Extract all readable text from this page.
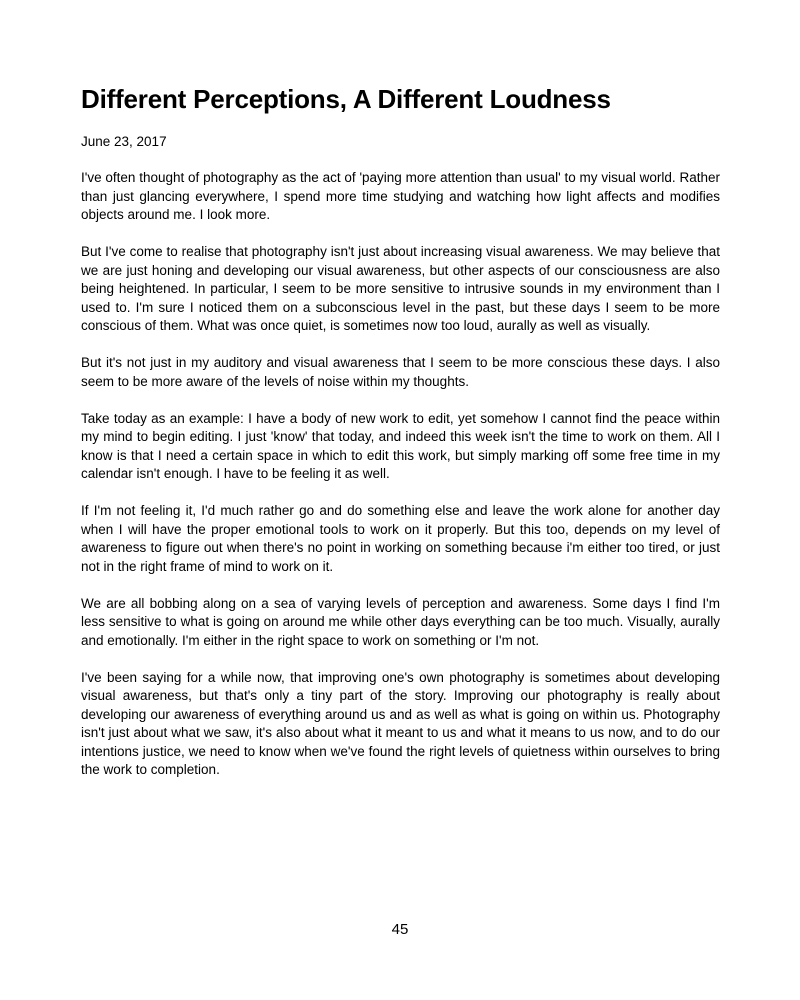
Different Perceptions, A Different Loudness
June 23, 2017

I've often thought of photography as the act of 'paying more attention than usual' to my visual world. Rather than just glancing everywhere, I spend more time studying and watching how light affects and modifies objects around me. I look more.

But I've come to realise that photography isn't just about increasing visual awareness. We may believe that we are just honing and developing our visual awareness, but other aspects of our consciousness are also being heightened. In particular, I seem to be more sensitive to intrusive sounds in my environment than I used to. I'm sure I noticed them on a subconscious level in the past, but these days I seem to be more conscious of them. What was once quiet, is sometimes now too loud, aurally as well as visually.

But it's not just in my auditory and visual awareness that I seem to be more conscious these days. I also seem to be more aware of the levels of noise within my thoughts.

Take today as an example: I have a body of new work to edit, yet somehow I cannot find the peace within my mind to begin editing. I just 'know' that today, and indeed this week isn't the time to work on them. All I know is that I need a certain space in which to edit this work, but simply marking off some free time in my calendar isn't enough. I have to be feeling it as well.

If I'm not feeling it, I'd much rather go and do something else and leave the work alone for another day when I will have the proper emotional tools to work on it properly. But this too, depends on my level of awareness to figure out when there's no point in working on something because i'm either too tired, or just not in the right frame of mind to work on it.

We are all bobbing along on a sea of varying levels of perception and awareness. Some days I find I'm less sensitive to what is going on around me while other days everything can be too much. Visually, aurally and emotionally. I'm either in the right space to work on something or I'm not.

I've been saying for a while now, that improving one's own photography is sometimes about developing visual awareness, but that's only a tiny part of the story. Improving our photography is really about developing our awareness of everything around us and as well as what is going on within us. Photography isn't just about what we saw, it's also about what it meant to us and what it means to us now, and to do our intentions justice, we need to know when we've found the right levels of quietness within ourselves to bring the work to completion.

45
